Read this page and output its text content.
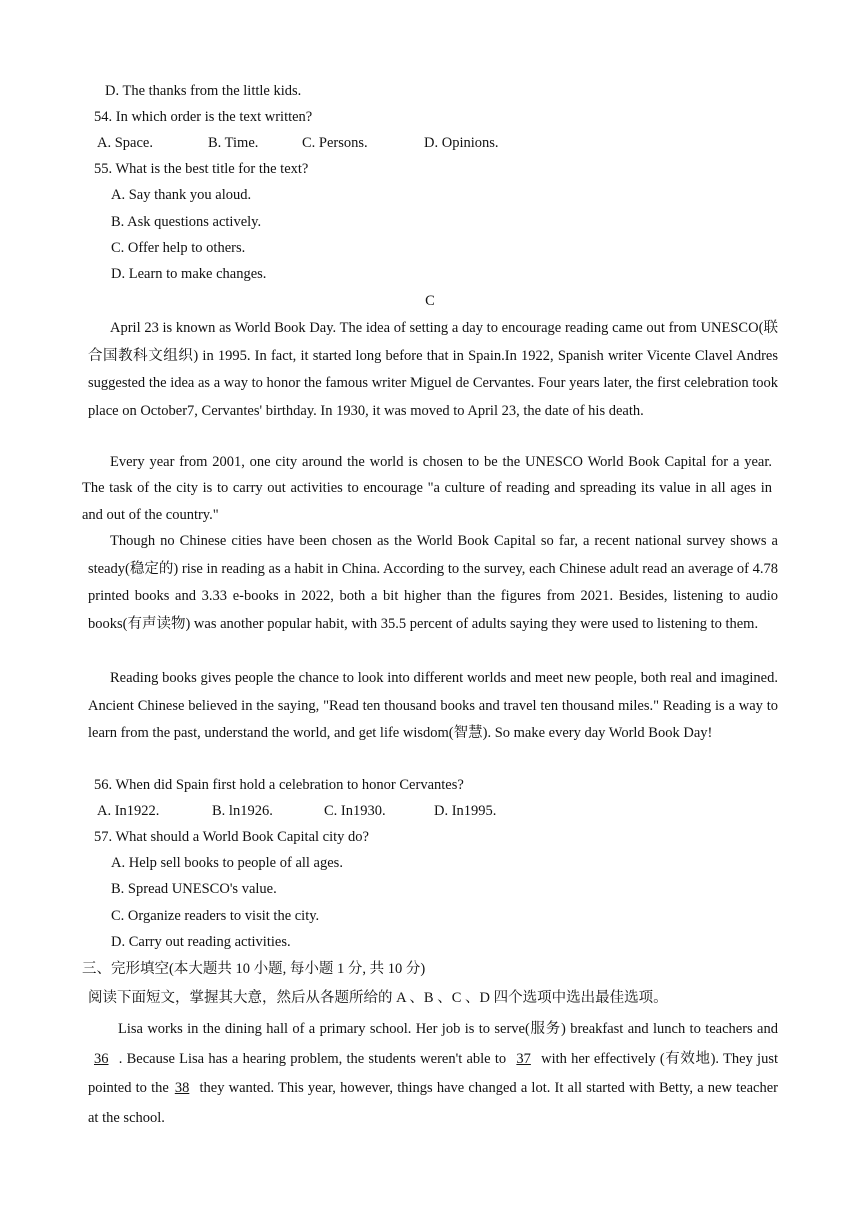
D. The thanks from the little kids.
54. In which order is the text written?
A. Space.	B. Time.	C. Persons.	D. Opinions.
55. What is the best title for the text?
A. Say thank you aloud.
B. Ask questions actively.
C. Offer help to others.
D. Learn to make changes.
C
April 23 is known as World Book Day. The idea of setting a day to encourage reading came out from UNESCO(联合国教科文组织) in 1995. In fact, it started long before that in Spain.In 1922, Spanish writer Vicente Clavel Andres suggested the idea as a way to honor the famous writer Miguel de Cervantes. Four years later, the first celebration took place on October7, Cervantes' birthday. In 1930, it was moved to April 23, the date of his death.
Every year from 2001, one city around the world is chosen to be the UNESCO World Book Capital for a year. The task of the city is to carry out activities to encourage "a culture of reading and spreading its value in all ages in and out of the country."
Though no Chinese cities have been chosen as the World Book Capital so far, a recent national survey shows a steady(稳定的) rise in reading as a habit in China. According to the survey, each Chinese adult read an average of 4.78 printed books and 3.33 e-books in 2022, both a bit higher than the figures from 2021. Besides, listening to audio books(有声读物) was another popular habit, with 35.5 percent of adults saying they were used to listening to them.
Reading books gives people the chance to look into different worlds and meet new people, both real and imagined. Ancient Chinese believed in the saying, "Read ten thousand books and travel ten thousand miles." Reading is a way to learn from the past, understand the world, and get life wisdom(智慧). So make every day World Book Day!
56. When did Spain first hold a celebration to honor Cervantes?
A. In1922.	B. ln1926.	C. In1930.	D. In1995.
57. What should a World Book Capital city do?
A. Help sell books to people of all ages.
B. Spread UNESCO's value.
C. Organize readers to visit the city.
D. Carry out reading activities.
三、完形填空(本大题共 10 小题, 每小题 1 分, 共 10 分)
阅读下面短文，掌握其大意，然后从各题所给的 A 、B 、C 、D 四个选项中选出最佳选项。
Lisa works in the dining hall of a primary school. Her job is to serve(服务) breakfast and lunch to teachers and 36 . Because Lisa has a hearing problem, the students weren't able to 37 with her effectively (有效地). They just pointed to the 38 they wanted. This year, however, things have changed a lot. It all started with Betty, a new teacher at the school.
